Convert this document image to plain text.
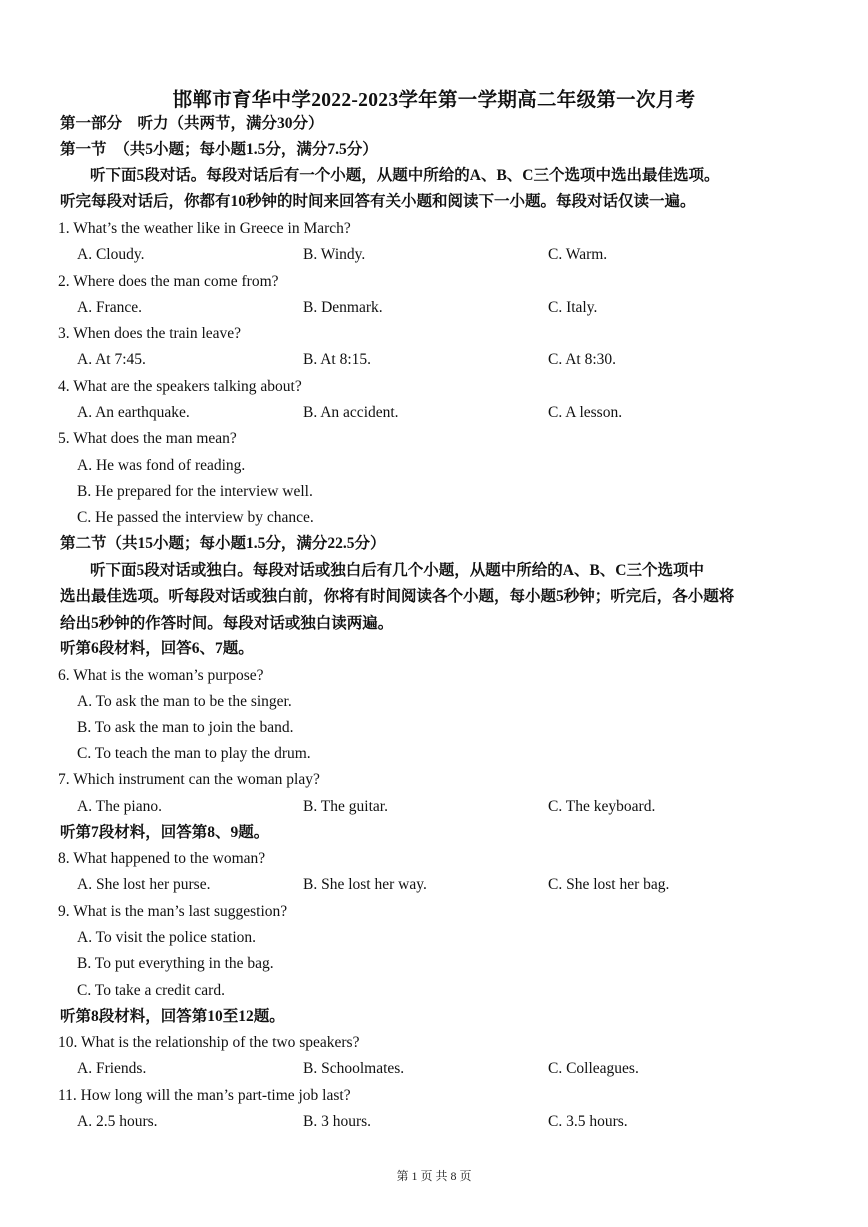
邯郸市育华中学2022-2023学年第一学期高二年级第一次月考
第一部分　听力（共两节，满分30分）
第一节　（共5小题；每小题1.5分，满分7.5分）
听下面5段对话。每段对话后有一个小题，从题中所给的A、B、C三个选项中选出最佳选项。
听完每段对话后，你都有10秒钟的时间来回答有关小题和阅读下一小题。每段对话仅读一遍。
1. What’s the weather like in Greece in March?
A. Cloudy.	B. Windy.	C. Warm.
2. Where does the man come from?
A. France.	B. Denmark.	C. Italy.
3. When does the train leave?
A. At 7:45.	B. At 8:15.	C. At 8:30.
4. What are the speakers talking about?
A. An earthquake.	B. An accident.	C. A lesson.
5. What does the man mean?
A. He was fond of reading.
B. He prepared for the interview well.
C. He passed the interview by chance.
第二节（共15小题；每小题1.5分，满分22.5分）
听下面5段对话或独白。每段对话或独白后有几个小题，从题中所给的A、B、C三个选项中
选出最佳选项。听每段对话或独白前，你将有时间阅读各个小题，每小题5秒钟；听完后，各小题将
给出5秒钟的作答时间。每段对话或独白读两遍。
听第6段材料，回答6、7题。
6. What is the woman’s purpose?
A. To ask the man to be the singer.
B. To ask the man to join the band.
C. To teach the man to play the drum.
7. Which instrument can the woman play?
A. The piano.	B. The guitar.	C. The keyboard.
听第7段材料，回答第8、9题。
8. What happened to the woman?
A. She lost her purse.	B. She lost her way.	C. She lost her bag.
9. What is the man’s last suggestion?
A. To visit the police station.
B. To put everything in the bag.
C. To take a credit card.
听第8段材料，回答第10至12题。
10. What is the relationship of the two speakers?
A. Friends.	B. Schoolmates.	C. Colleagues.
11. How long will the man’s part-time job last?
A. 2.5 hours.	B. 3 hours.	C. 3.5 hours.
第 1 页 共 8 页
